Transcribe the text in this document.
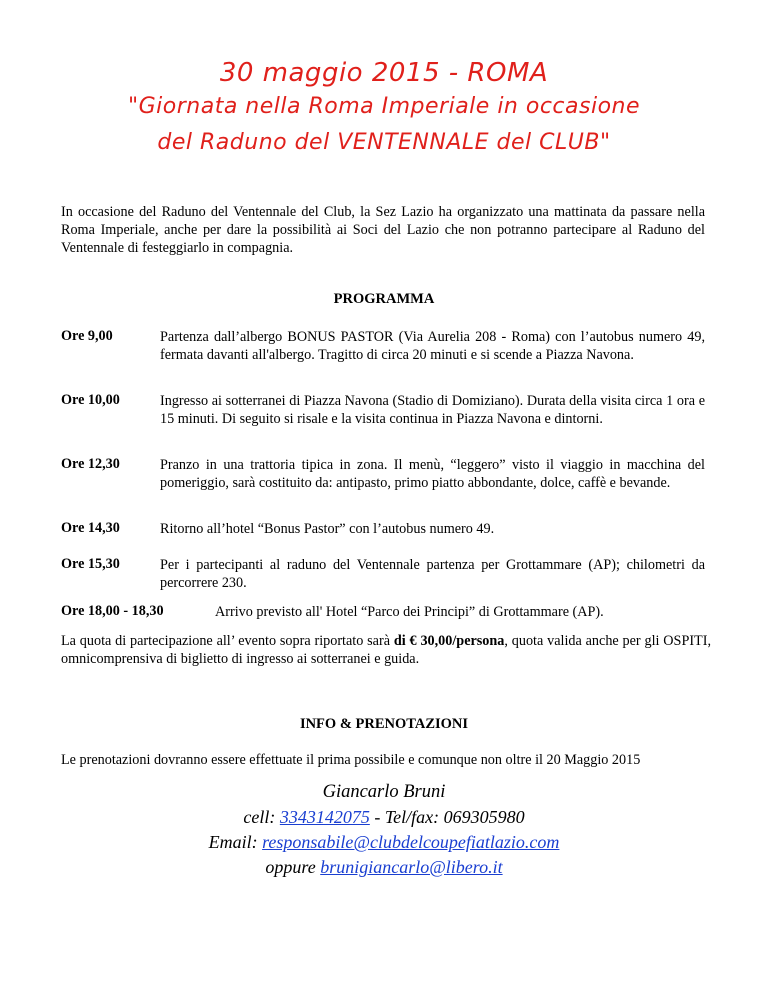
30 maggio 2015 - ROMA
"Giornata nella Roma Imperiale in occasione
del Raduno del VENTENNALE del CLUB"
In occasione del Raduno del Ventennale del Club, la Sez Lazio ha organizzato una mattinata da passare nella Roma Imperiale, anche per dare la possibilità ai Soci del Lazio che non potranno partecipare al Raduno del Ventennale di festeggiarlo in compagnia.
PROGRAMMA
Ore 9,00	Partenza dall’albergo BONUS PASTOR (Via Aurelia 208 - Roma) con l’autobus numero 49, fermata davanti all'albergo. Tragitto di circa 20 minuti e si scende a Piazza Navona.
Ore 10,00	Ingresso ai sotterranei di Piazza Navona (Stadio di Domiziano). Durata della visita circa 1 ora e 15 minuti. Di seguito si risale e la visita continua in Piazza Navona e dintorni.
Ore 12,30	Pranzo in una trattoria tipica in zona. Il menù, “leggero” visto il viaggio in macchina del pomeriggio, sarà costituito da: antipasto, primo piatto abbondante, dolce, caffè e bevande.
Ore 14,30	Ritorno all’hotel “Bonus Pastor” con l’autobus numero 49.
Ore 15,30	Per i partecipanti al raduno del Ventennale partenza per Grottammare (AP); chilometri da percorrere 230.
Ore 18,00 - 18,30	Arrivo previsto all' Hotel “Parco dei Principi” di Grottammare (AP).
La quota di partecipazione all’ evento sopra riportato sarà di € 30,00/persona, quota valida anche per gli OSPITI, omnicomprensiva di biglietto di ingresso ai sotterranei e guida.
INFO & PRENOTAZIONI
Le prenotazioni dovranno essere effettuate il prima possibile e comunque non oltre il 20 Maggio 2015
Giancarlo Bruni
cell: 3343142075 - Tel/fax: 069305980
Email: responsabile@clubdelcoupefiatlazio.com
oppure brunigiancarlo@libero.it
